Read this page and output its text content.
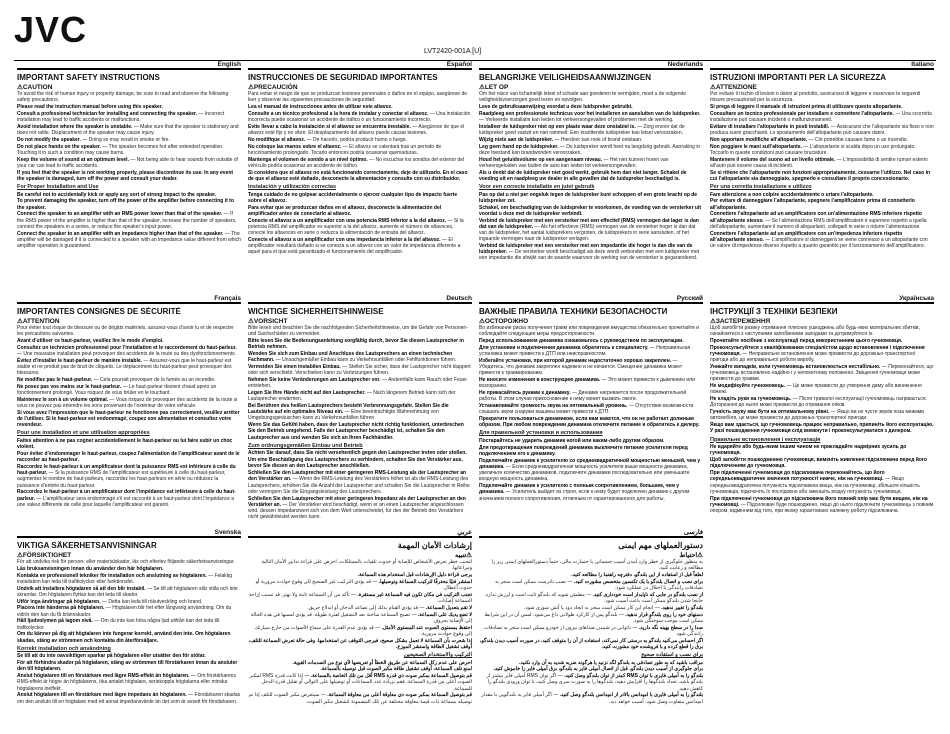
JVC
LVT2420-001A [U]
English
IMPORTANT SAFETY INSTRUCTIONS
⚠CAUTION

To avoid the risk of human injury or property damage, be sure to read and observe the following safety precautions.

Please read the instruction manual before using this speaker.

Consult a professional technician for installing and connecting the speaker. — Incorrect installation may lead to traffic accidents or malfunctions.

Avoid installation where the speaker is unstable. — Make sure that the speaker is stationary and does not rattle. Displacement of the speaker may cause injury.

Do not modify the speaker. — Doing so may result in smoke or fire.

Do not place hands on the speaker. — The speaker becomes hot after extended operation. Touching it in such a condition may cause burns.

Keep the volume of sound at an optimum level. — Not being able to hear sounds from outside of your car can lead to traffic accidents.

If you feel that the speaker is not working properly, please discontinue its use. In any event the speaker is damaged, turn off the power and consult your dealer.

For Proper Installation and Use

Be careful not to accidentally kick or apply any sort of strong impact to the speaker.

To prevent damaging the speaker, turn off the power of the amplifier before connecting it to the speaker.

Connect the speaker to an amplifier with an RMS power lower than that of the speaker. — If the RMS power of the amplifier is higher than that of the speaker, increase the number of speakers, connect the speakers in a series, or reduce the speaker’s input power.

Connect the speaker to an amplifier with an impedance higher than that of the speaker. — The amplifier will be damaged if it is connected to a speaker with an impedance value different from which amplifier operation is guaranteed.

Français
IMPORTANTES CONSIGNES DE SÉCURITÉ
⚠ATTENTION

Pour éviter tout risque de blessure ou de dégâts matériels, assurez-vous d’avoir lu et de respecter les précautions suivantes.

Avant d’utiliser ce haut-parleur, veuillez lire le mode d’emploi.

Consultez un technicien professionnel pour l’installation et le raccordement du haut-parleur. — Une mauvaise installation peut provoquer des accidents de la route ou des dysfonctionnements.

Évitez d’installer le haut-parleur de manière instable. — Assurez-vous que le haut-parleur est stable et ne produit pas de bruit de cliquetis. Le déplacement du haut-parleur peut provoquer des blessures.

Ne modifiez pas le haut-parleur. — Cela pourrait provoquer de la fumée ou un incendie.

Ne posez pas vos mains sur le haut-parleur. — Le haut-parleur devient chaud après un fonctionnement prolongé. Vous risquez de vous brûler en le touchant.

Maintenez le son à un volume optimal. — Vous risquez de provoquer des accidents de la route si vous ne pouvez pas entendre les sons provenant de l’extérieur de votre véhicule.

Si vous avez l’impression que le haut-parleur ne fonctionne pas correctement, veuillez arrêter de l’utiliser. Si le haut-parleur est endommagé, coupez son alimentation et consultez votre revendeur.

Pour une installation et une utilisation appropriées

Faites attention à ne pas cogner accidentellement le haut-parleur ou lui faire subir un choc violent.

Pour éviter d’endommager le haut-parleur, coupez l’alimentation de l’amplificateur avant de le raccorder au haut-parleur.

Raccordez le haut-parleur à un amplificateur dont la puissance RMS est inférieure à celle du haut-parleur. — Si la puissance RMS de l’amplificateur est supérieure à celle du haut-parleur, augmentez le nombre de haut-parleurs, raccordez les haut-parleurs en série ou réduisez la puissance d’entrée du haut-parleur.

Raccordez le haut-parleur à un amplificateur dont l’impédance est inférieure à celle du haut-parleur. — L’amplificateur sera endommagé s’il est raccordé à un haut-parleur dont l’impédance a une valeur différente de celle pour laquelle l’amplificateur est garanti.

Svenska
VIKTIGA SÄKERHETSANVISNINGAR
⚠FÖRSIKTIGHET

För att undvika risk för person- eller materialskador, läs och efterlev följande säkerhetsanvisningar.

Läs bruksanvisningen innan du använder den här högtalaren.

Kontakta en professionell tekniker för installation och anslutning av högtalaren. — Felaktig installation kan leda till trafikolyckor eller funktionsfel.

Undvik att installera högtalaren så att den blir instabil. — Se till att högtalaren står stilla och inte skramlar. Om högtalaren flyttas kan det leda till skador.

Utför inga ändringar på högtalaren. — Detta kan leda till rökutveckling och brand.

Placera inte händerna på högtalaren. — Högtalaren blir het efter långvarig användning. Om du vidrör den kan du få brännskador.

Håll ljudvolymen på lagom nivå. — Om du inte kan höra några ljud utifrån kan det leda till trafikolyckor.

Om du känner på dig att högtalaren inte fungerar korrekt, använd den inte. Om högtalaren skadas, stäng av strömmen och kontakta din återförsäljare.

Korrekt installation och användning

Se till att du inte oavsiktligen sparkar på högtalaren eller utsätter den för stötar.

För att förhindra skador på högtalaren, stäng av strömmen till förstärkaren innan du ansluter den till högtalaren.

Anslut högtalaren till en förstärkare med lägre RMS-effekt än högtalaren. — Om förstärkarens RMS-effekt är högre än högtalarens, öka antalet högtalare, seriekoppla högtalarna eller minska högtalarens ineffekt.

Anslut högtalaren till en förstärkare med lägre impedans än högtalaren. — Förstärkaren skadas om den ansluts till en högtalare med ett annat impedansvärde än det som är avsett för förstärkaren.

Español
INSTRUCCIONES DE SEGURIDAD IMPORTANTES
⚠PRECAUCIÓN

Para evitar el riesgo de que se produzcan lesiones personales o daños en el equipo, asegúrese de leer y observar las siguientes precauciones de seguridad.

Lea el manual de instrucciones antes de utilizar este altavoz.

Consulte a un técnico profesional a la hora de instalar y conectar el altavoz. — Una instalación incorrecta puede ocasionar un accidente de tráfico o un funcionamiento incorrecto.

Evite llevar a cabo la instalación si el altavoz se encuentra inestable. — Asegúrese de que el altavoz esté fijo y no vibre. El desplazamiento del altavoz puede causar lesiones.

No modifique el altavoz. — De hacerlo, podría producir humo o fuego.

No coloque las manos sobre el altavoz. — El altavoz se calentará tras un periodo de funcionamiento prolongado. Tocarlo entonces podría ocasionar quemaduras.

Mantenga el volumen de sonido a un nivel óptimo. — No escuchar los sonidos del exterior del vehículo podría ocasionar un accidente de tráfico.

Si considera que el altavoz no está funcionando correctamente, deje de utilizarlo. En el caso de que el altavoz esté dañado, desconecte la alimentación y consulte con su distribuidor.

Instalación y utilización correctas

Tenga cuidado de no golpear accidentalmente o ejercer cualquier tipo de impacto fuerte sobre el altavoz.

Para evitar que se produzcan daños en el altavoz, desconecte la alimentación del amplificador antes de conectarlo al altavoz.

Conecte el altavoz a un amplificador con una potencia RMS inferior a la del altavoz. — Si la potencia RMS del amplificador es superior a la del altavoz, aumente el número de altavoces, conecte los altavoces en serie o reduzca la alimentación de entrada del altavoz.

Conecte el altavoz a un amplificador con una impedancia inferior a la del altavoz. — El amplificador resultará dañado si se conecta a un altavoz con un valor de impedancia diferente a aquel para el que está garantizado el funcionamiento del amplificador.

Deutsch
WICHTIGE SICHERHEITSHINWEISE
⚠VORSICHT

Bitte lesen und beachten Sie die nachfolgenden Sicherheitshinweise, um die Gefahr von Personen- und Sachschäden zu vermeiden.

Bitte lesen Sie die Bedienungsanleitung sorgfältig durch, bevor Sie diesen Lautsprecher in Betrieb nehmen.

Wenden Sie sich zum Einbau und Anschluss des Lautsprechers an einen technischen Fachmann. — Unsachgemäßer Einbau kann zu Verkehrsunfällen oder Fehlfunktionen führen.

Vermeiden Sie einen instabilen Einbau. — Stellen Sie sicher, dass der Lautsprecher nicht klappert oder sich verschiebt. Verschieben kann zu Verletzungen führen.

Nehmen Sie keine Veränderungen am Lautsprecher vor. — Andernfalls kann Rauch oder Feuer entstehen.

Legen Sie Ihre Hände nicht auf den Lautsprecher. — Nach längerem Betrieb kann sich der Lautsprecher erwärmen.

Bei Berühren des heißen Lautsprechers besteht Verbrennungsgefahr. Stellen Sie die Lautstärke auf ein optimales Niveau ein. — Eine beeinträchtigte Wahrnehmung von Umgebungsgeräuschen kann zu Verkehrsunfällen führen.

Wenn Sie das Gefühl haben, dass der Lautsprecher nicht richtig funktioniert, unterbrechen Sie den Betrieb umgehend. Falls der Lautsprecher beschädigt ist, schalten Sie den Lautsprecher aus und wenden Sie sich an Ihren Fachhändler.

Zum ordnungsgemäßen Einbau und Betrieb

Achten Sie darauf, dass Sie nicht versehentlich gegen den Lautsprecher treten oder stoßen.

Um eine Beschädigung des Lautsprechers zu verhindern, schalten Sie den Verstärker aus, bevor Sie diesen an den Lautsprecher anschließen.

Schließen Sie den Lautsprecher mit einer geringeren RMS-Leistung als der Lautsprecher an den Verstärker an. — Wenn die RMS-Leistung des Verstärkers höher ist als die RMS-Leistung des Lautsprechers, erhöhen Sie die Anzahl der Lautsprecher und schalten Sie die Lautsprecher in Reihe oder verringern Sie die Eingangsleistung des Lautsprechers.

Schließen Sie den Lautsprecher mit einer geringeren Impedanz als der Lautsprecher an den Verstärker an. — Der Verstärker wird beschädigt, wenn er an einen Lautsprecher angeschlossen wird, dessen Impedanzwert sich von dem Wert unterscheidet, für den der Betrieb des Verstärkers nicht gewährleistet werden kann.

عربي
إرشادات الأمان المهمة
⚠تنبيه

لتجنب خطر تعرض الأشخاص للإصابة أو حدوث تلفيات بالممتلكات، احرص على قراءة تدابير الأمان التالية ومراعاتها.

يرجى قراءة دليل الإرشادات قبل استخدام هذه السماعة.

استشر فنيًا محترفًا لتركيب السماعة وتوصيلها. — قد يؤدي التركيب غير الصحيح إلى وقوع حوادث مرورية أو حدوث أعطال.

تجنب التركيب في مكان تكون فيه السماعة غير مستقرة. — تأكد من أن السماعة ثابتة ولا تهتز. قد تسبب إزاحة السماعة إصابات.

لا تقم بتعديل السماعة. — قد يؤدي القيام بذلك إلى تصاعد الدخان أو اندلاع حريق.

لا تضع يديك على السماعة. — تصبح السماعة ساخنة بعد التشغيل لفترة طويلة. قد يؤدي لمسها في هذه الحالة إلى الإصابة بحروق.

احتفظ بمستوى الصوت عند المستوى الأمثل. — قد يؤدي عدم القدرة على سماع الأصوات من خارج سيارتك إلى وقوع حوادث مرورية.

إذا شعرت بأن السماعة لا تعمل بشكل صحيح، فيرجى التوقف عن استخدامها. وفي حالة تعرض السماعة للتلف، أوقف تشغيل الطاقة واستشر الموزع.

التركيب والاستخدام الصحيحين

احرص على عدم ركل السماعة عن طريق الخطأ أو تعريضها لأي نوع من الصدمات القوية.

لمنع تلف السماعة، أوقف تشغيل طاقة مكبر الصوت قبل توصيله بالسماعة.

قم بتوصيل السماعة بمكبر صوت ذي قدرة RMS أقل من تلك الخاصة بالسماعة. — إذا كانت قدرة RMS لمكبر الصوت أعلى من قدرة السماعة، فقم بزيادة عدد السماعات أو توصيلها على التوالي أو تقليل قدرة الدخل للسماعة.

قم بتوصيل السماعة بمكبر صوت ذي معاوقة أعلى من معاوقة السماعة. — سيتعرض مكبر الصوت للتلف إذا تم توصيله بسماعة ذات قيمة معاوقة مختلفة عن تلك المضمونة لتشغيل مكبر الصوت.

Nederlands
BELANGRIJKE VEILIGHEIDSAANWIJZINGEN
⚠LET OP

Om het risico van lichamelijk letsel of schade aan goederen te vermijden, moet u de volgende veiligheidsvoorzorgen goed lezen en opvolgen.

Lees de gebruiksaanwijzing voordat u deze luidspreker gebruikt.

Raadpleeg een professionele technicus voor het installeren en aansluiten van de luidspreker. — Verkeerde installatie kan leiden tot verkeersongevallen of problemen met de werking.

Installeer de luidspreker niet op een plaats waar deze onstabiel is. — Zorg ervoor dat de luidspreker goed vastzit en niet rammelt. Een loszittende luidspreker kan letsel veroorzaken.

Wijzig niets aan de luidspreker. — Hierdoor kan rook of brand ontstaan.

Leg geen hand op de luidspreker. — De luidspreker wordt heet na langdurig gebruik. Aanraking in deze toestand kan brandwonden veroorzaken.

Houd het geluidsvolume op een aangenaam niveau. — Het niet kunnen horen van verkeersgeluiden van buiten de auto kan leiden tot verkeersongevallen.

Als u denkt dat de luidspreker niet goed werkt, gebruik hem dan niet langer. Schakel de voeding uit en raadpleeg uw dealer in alle gevallen dat de luidspreker beschadigd is.

Voor een correcte installatie en juist gebruik

Pas op dat u niet per ongeluk tegen de luidspreker kunt schoppen of een grote kracht op de luidspreker zet.

Schakel, om beschadiging van de luidspreker te voorkomen, de voeding van de versterker uit voordat u deze met de luidspreker verbindt.

Verbind de luidspreker met een versterker met een effectief (RMS) vermogen dat lager is dan dat van de luidspreker. — Als het effectieve (RMS) vermogen van de versterker hoger is dan dat van de luidspreker, het aantal luidsprekers vergroten, de luidsprekers in serie aansluiten, of het ingaande vermogen naar de luidspreker verlagen.

Verbind de luidspreker met een versterker met een impedantie die hoger is dan die van de luidspreker. — De versterker wordt beschadigd als deze wordt verbonden met een luidspreker met een impedantie die afwijkt van de waarde waarvoor de werking van de versterker is gegarandeerd.

Русский
ВАЖНЫЕ ПРАВИЛА ТЕХНИКИ БЕЗОПАСНОСТИ
⚠ОСТОРОЖНО

Во избежание риска получения травм или повреждения имущества обязательно прочитайте и соблюдайте следующие меры предосторожности.

Перед использованием динамика ознакомьтесь с руководством по эксплуатации.

Для установки и подключения динамика обратитесь к специалисту. — Неправильная установка может привести к ДТП или неисправностям.

Избегайте установки, при которой динамик недостаточно хорошо закреплен. — Убедитесь, что динамик закреплен надежно и не качается. Смещение динамика может привести к травмированию.

Не вносите изменения в конструкцию динамика. — Это может привести к дымлению или возгоранию.

Не прикасайтесь руками к динамику. — Динамик нагревается после продолжительной работы. В этом случае прикосновение к нему может вызвать ожоги.

Устанавливайте громкость звука на оптимальный уровень. — Отсутствие возможности слышать звуки снаружи машины может привести к ДТП.

Прекратите пользоваться динамиком, если вам кажется, что он не работает должным образом. При любом повреждении динамика отключите питание и обратитесь к дилеру.

Для правильной установки и использования

Постарайтесь не ударить динамик ногой или каким-либо другим образом.

Для предотвращения повреждений динамика выключите питание усилителя перед подключением его к динамику.

Подключайте динамик к усилителю со среднеквадратичной мощностью меньшей, чем у динамика. — Если среднеквадратичная мощность усилителя выше мощности динамика, увеличьте количество динамиков, подключите динамики последовательно или уменьшите входную мощность динамика.

Подключайте динамик к усилителю с полным сопротивлением, большим, чем у динамика. — Усилитель выйдет из строя, если к нему будет подключен динамик с другим значением полного сопротивления, отличным от гарантированного для работы.

فارسی
دستورالعملهای مهم ایمنی
⚠احتیاط

به منظور جلوگیری از خطر وارد آمدن آسیب جسمانی یا خسارت مالی، حتماً دستورالعملهای ایمنی زیر را مطالعه و رعایت کنید.

لطفاً قبل از استفاده از این بلندگو، دفترچه راهنما را مطالعه کنید.

برای نصب و اتصال بلندگو با یک تکنسین متخصص مشورت کنید. — نصب نادرست ممکن است منجر به تصادفات رانندگی یا اختلال در عملکرد شود.

از نصب بلندگو در جایی که ناپایدار است خودداری کنید. — مطمئن شوید که بلندگو ثابت است و لرزش ندارد. جابجا شدن بلندگو ممکن است باعث آسیب شود.

بلندگو را تغییر ندهید. — انجام این کار ممکن است منجر به ایجاد دود یا آتش سوزی شود.

دستهای خود را روی بلندگو قرار ندهید. — بلندگو پس از کارکرد طولانی داغ می‌شود. لمس آن در این شرایط ممکن است موجب سوختگی شود.

صدا را در سطح بهینه نگه دارید. — ناتوانی در شنیدن صداهای بیرون از خودرو ممکن است منجر به تصادفات رانندگی شود.

اگر احساس می‌کنید بلندگو به درستی کار نمی‌کند، استفاده از آن را متوقف کنید. در صورت آسیب دیدن بلندگو، برق را قطع کرده و با فروشنده خود مشورت کنید.

برای نصب و استفاده صحیح

مراقب باشید که به طور تصادفی به بلندگو لگد نزنید یا هرگونه ضربه شدید به آن وارد نکنید.

برای جلوگیری از آسیب دیدن بلندگو، قبل از اتصال آمپلی فایر به بلندگو، برق آمپلی فایر را خاموش کنید.

بلندگو را به آمپلی فایری با توان RMS کمتر از توان بلندگو وصل کنید. — اگر توان RMS آمپلی فایر بیشتر از بلندگو باشد، تعداد بلندگوها را افزایش دهید، بلندگوها را به صورت سری وصل کنید، یا توان ورودی بلندگو را کاهش دهید.

بلندگو را به آمپلی فایری با امپدانس بالاتر از امپدانس بلندگو وصل کنید. — اگر آمپلی فایر به بلندگویی با مقدار امپدانس متفاوت وصل شود، آسیب خواهد دید.

Italiano
ISTRUZIONI IMPORTANTI PER LA SICUREZZA
⚠ATTENZIONE

Per evitare il rischio di lesioni o danni al prodotto, assicurarsi di leggere e osservare le seguenti misure precauzionali per la sicurezza.

Si prega di leggere il manuale di istruzioni prima di utilizzare questo altoparlante.

Consultare un tecnico professionale per installare e connettere l’altoparlante. — Una scorretta installazione può causare incidenti o malfunzionamenti.

Evitare di installare l’altoparlante in posti instabili. — Assicurarsi che l’altoparlante sia fisso e non produca suoni gracchianti. Lo spostamento dell’altoparlante può causare danni.

Non apportare modifiche all’altoparlante. — Ciò potrebbe causare fumo o un incendio.

Non poggiare le mani sull’altoparlante. — L’altoparlante si scalda dopo un uso prolungato. Toccarlo in queste condizioni può causare bruciature.

Mantenere il volume del suono ad un livello ottimale. — L’impossibilità di sentire rumori esterni all’auto può essere causa di incidenti.

Se si ritiene che l’altoparlante non funzioni appropriatamente, cessarne l’utilizzo. Nel caso in cui l’altoparlante sia danneggiato, spegnerlo e consultare il proprio concessionario.

Per una corretta installazione e utilizzo

Fare attenzione a non colpire accidentalmente o urtare l’altoparlante.

Per evitare di danneggiare l’altoparlante, spegnere l’amplificatore prima di connetterlo all’altoparlante.

Connettere l’altoparlante ad un amplificatore con un’alimentazione RMS inferiore rispetto all’altoparlante stesso. — Se l’alimentazione RMS dell’amplificatore è superiore rispetto a quella dell’altoparlante, aumentare il numero di altoparlanti, collegarli in serie o ridurre l’alimentazione.

Connettere l’altoparlante ad un amplificatore con un’impedenza inferiore rispetto all’altoparlante stesso. — L’amplificatore si danneggerà se viene connesso a un altoparlante con un valore di impedenza diverso rispetto a quanto garantito per il funzionamento dell’amplificatore.

Українська
ІНСТРУКЦІЇ З ТЕХНІКИ БЕЗПЕКИ
⚠ЗАСТЕРЕЖЕННЯ

Щоб запобігти ризику отримання тілесних ушкоджень або будь-яких матеріальних збитків, ознайомтеся з наступними запобіжними заходами та дотримуйтеся їх.

Прочитайте посібник з експлуатації перед використанням цього гучномовця.

Проконсультуйтеся з кваліфікованим спеціалістом щодо встановлення і підключення гучномовця. — Неправильне встановлення може призвести до дорожньо-транспортної пригоди або до неправильної роботи виробу.

Уникайте випадків, коли гучномовець встановлюється нестабільно. — Переконайтеся, що гучномовець встановлено надійно і у непохитному положенні. Зміщення гучномовця може призвести до травми.

Не модифікуйте гучномовець. — Це може призвести до утворення диму або виникнення пожежі.

Не кладіть руки на гучномовець. — Після тривалої експлуатації гучномовець нагрівається. Доторкання до нього може призвести до отримання опіків.

Гучність звуку має бути на оптимальному рівні. — Якщо ви не чуєте звуків поза межами автомобіля, це може призвести до дорожньо-транспортної пригоди.

Якщо вам здається, що гучномовець працює неправильно, припиніть його експлуатацію. У разі пошкодження гучномовця слід вимкнути і проконсультуватися з дилером.

Правильне встановлення і експлуатація

Не вдаряйте або будь-яким іншим чином не прикладайте надмірних зусиль до гучномовця.

Щоб запобігти пошкодженню гучномовця, вимкніть живлення підсилювача перед його підключенням до гучномовця.

При підключенні гучномовця до підсилювача переконайтесь, що його середньоквадратичне значення потужності нижче, ніж на гучномовці. — Якщо середньоквадратична потужність підсилювача вища, ніж на гучномовці, збільште кількість гучномовців, підключіть їх послідовно або зменшіть вхідну потужність гучномовця.

При підключенні гучномовця до підсилювача його повний опір має бути вищим, ніж на гучномовці. — Підсилювач буде пошкоджено, якщо до нього підключити гучномовець з повним опором, відмінним від того, при якому гарантовано належну роботу підсилювача.
